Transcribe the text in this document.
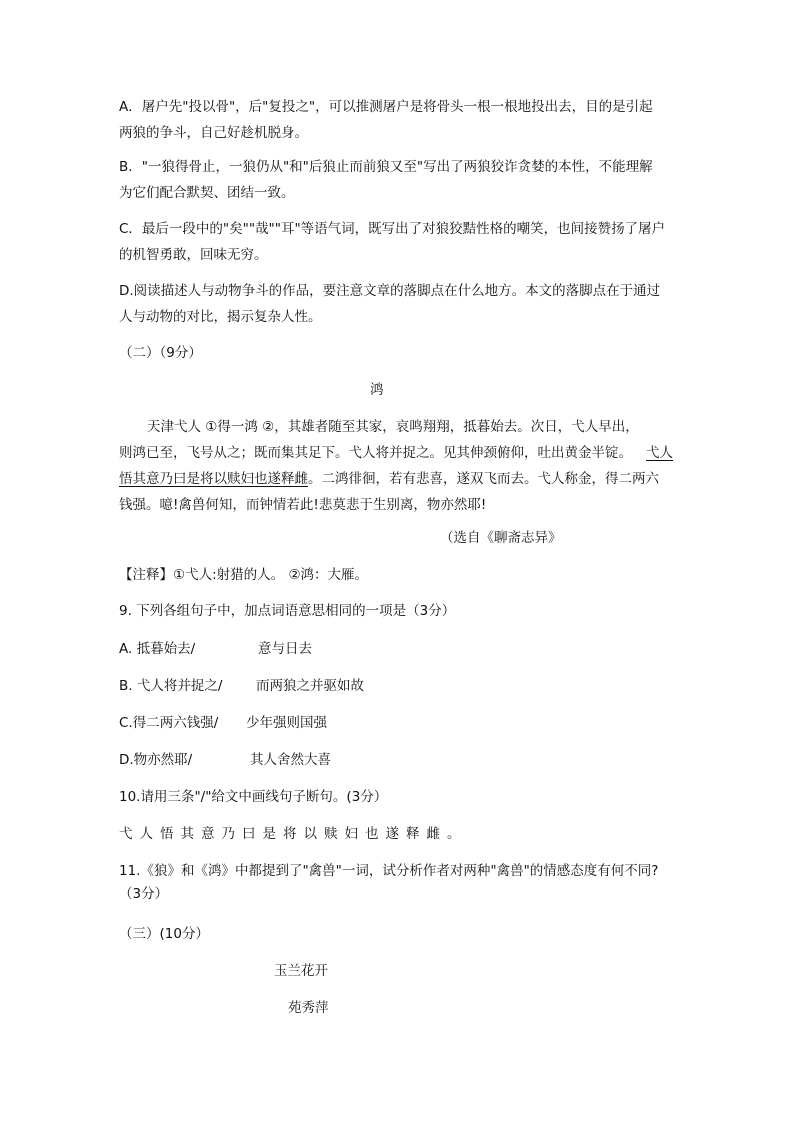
A．屠户先"投以骨"，后"复投之"，可以推测屠户是将骨头一根一根地投出去，目的是引起

两狼的争斗，自己好趁机脱身。

B．"一狼得骨止，一狼仍从"和"后狼止而前狼又至"写出了两狼狡诈贪婪的本性，不能理解

为它们配合默契、团结一致。

C．最后一段中的"矣""哉""耳"等语气词，既写出了对狼狡黠性格的嘲笑，也间接赞扬了屠户

的机智勇敢，回味无穷。

D.阅读描述人与动物争斗的作品，要注意文章的落脚点在什么地方。本文的落脚点在于通过

人与动物的对比，揭示复杂人性。

（二）（9分）

鸿

天津弋人 ①得一鸿 ②，其雄者随至其家，哀鸣翔翔，抵暮始去。次日，弋人早出，

则鸿已至，飞号从之；既而集其足下。弋人将并捉之。见其伸颈俯仰，吐出黄金半锭。 弋人

悟其意乃曰是将以赎妇也遂释雌。二鸿徘徊，若有悲喜，遂双飞而去。弋人称金，得二两六

钱强。噫!禽兽何知，而钟情若此!悲莫悲于生别离，物亦然耶!

（选自《聊斋志异》

【注释】①弋人:射猎的人。 ②鸿：大雁。

9. 下列各组句子中，加点词语意思相同的一项是（3分）

A. 抵暮始去/	意与日去

B. 弋人将并捉之/ 而两狼之并驱如故

C.得二两六钱强/ 少年强则国强

D.物亦然耶/	其人舍然大喜

10.请用三条"/"给文中画线句子断句。(3分）

弋人悟其意乃曰是将以赎妇也遂释雌。

11.《狼》和《鸿》中都提到了"禽兽"一词，试分析作者对两种"禽兽"的情感态度有何不同?

（3分）

（三）(10分）

玉兰花开
苑秀萍
